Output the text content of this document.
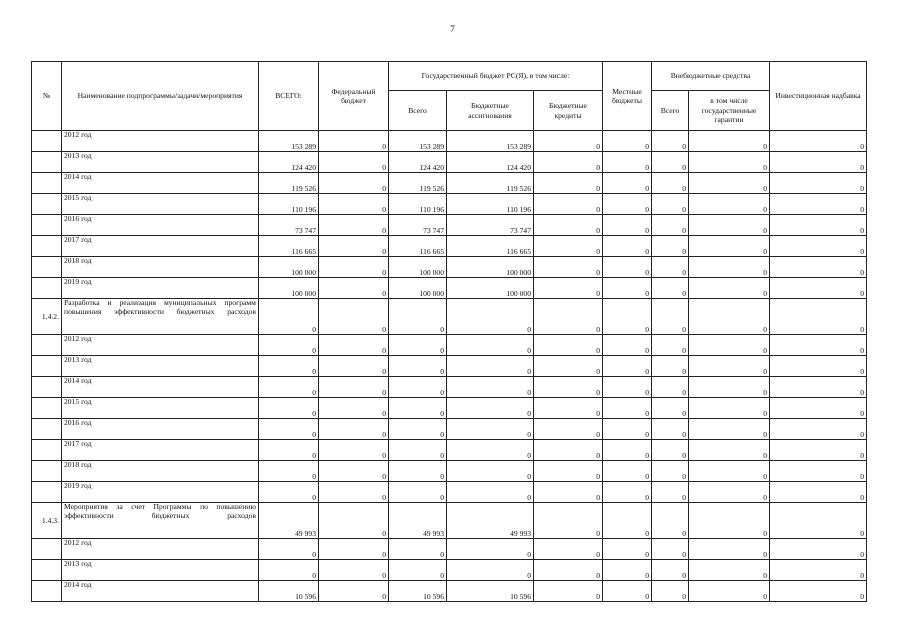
7
№	Наименование подпрограммы/задачи/мероприятия	ВСЕГО:	Федеральный бюджет	Государственный бюджет РС(Я), в том числе:			Местные бюджеты	Внебюджетные средства		Инвестиционная надбавка
				Всего	Бюджетные ассигнования	Бюджетные кредиты		Всего	в том числе государственные гарантии	
	2012 год	153 289	0	153 289	153 289	0	0	0	0	0
	2013 год	124 420	0	124 420	124 420	0	0	0	0	0
	2014 год	119 526	0	119 526	119 526	0	0	0	0	0
	2015 год	110 196	0	110 196	110 196	0	0	0	0	0
	2016 год	73 747	0	73 747	73 747	0	0	0	0	0
	2017 год	116 665	0	116 665	116 665	0	0	0	0	0
	2018 год	100 000	0	100 000	100 000	0	0	0	0	0
	2019 год	100 000	0	100 000	100 000	0	0	0	0	0
1.4.2.	Разработка и реализация муниципальных программ повышения эффективности бюджетных расходов	0	0	0	0	0	0	0	0	0
	2012 год	0	0	0	0	0	0	0	0	0
	2013 год	0	0	0	0	0	0	0	0	0
	2014 год	0	0	0	0	0	0	0	0	0
	2015 год	0	0	0	0	0	0	0	0	0
	2016 год	0	0	0	0	0	0	0	0	0
	2017 год	0	0	0	0	0	0	0	0	0
	2018 год	0	0	0	0	0	0	0	0	0
	2019 год	0	0	0	0	0	0	0	0	0
1.4.3.	Мероприятия за счет Программы по повышению эффективности бюджетных расходов	49 993	0	49 993	49 993	0	0	0	0	0
	2012 год	0	0	0	0	0	0	0	0	0
	2013 год	0	0	0	0	0	0	0	0	0
	2014 год	10 596	0	10 596	10 596	0	0	0	0	0
